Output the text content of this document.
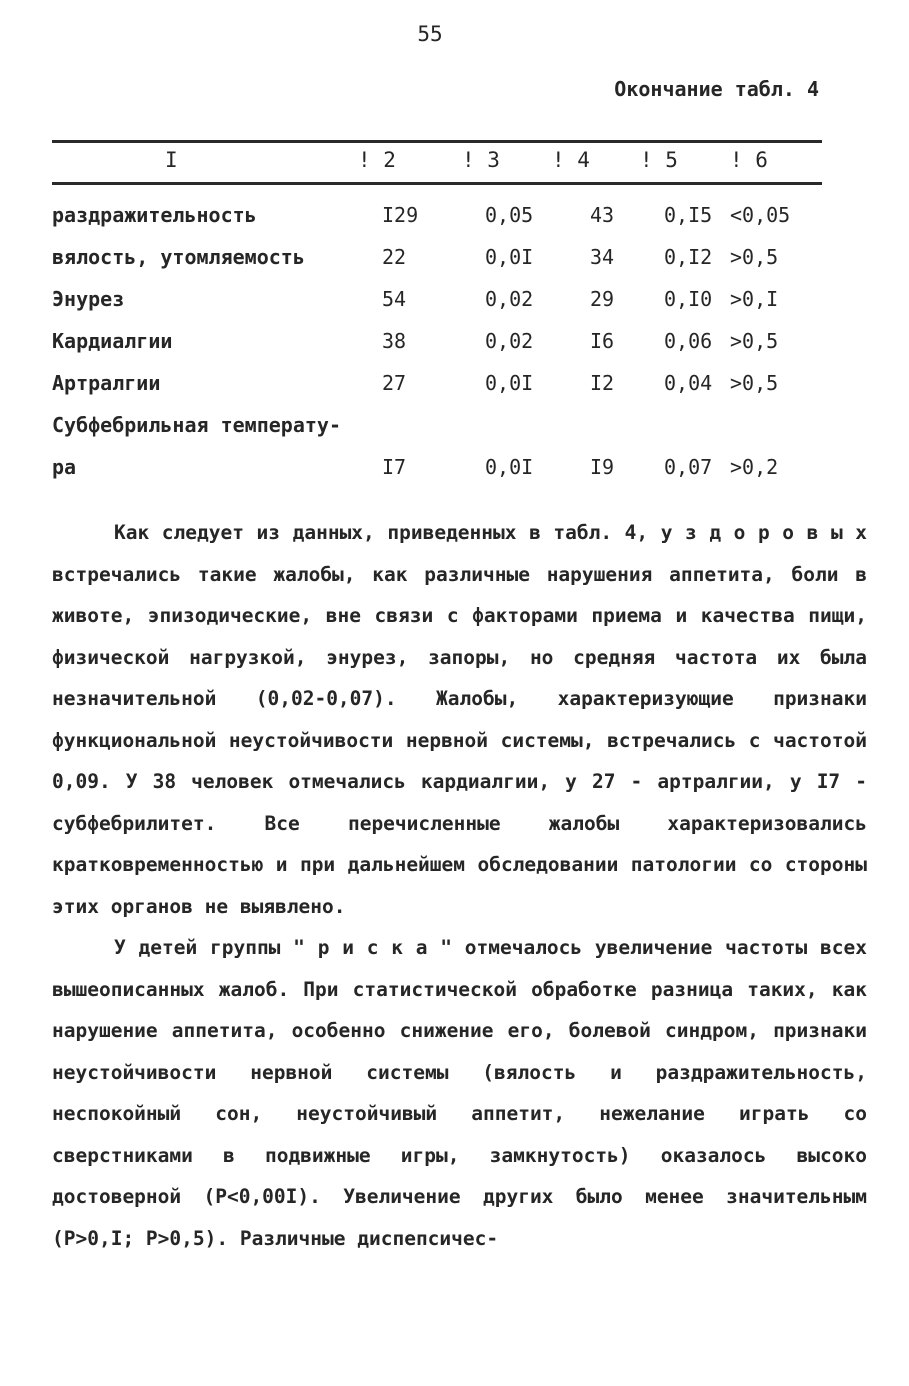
55
Окончание табл. 4
I	! 2	! 3 ! 4 ! 5 ! 6
раздражительность	I29	0,05	43 0,I5 <0,05
вялость, утомляемость	22	0,0I	34 0,I2 >0,5
Энурез	54	0,02	29 0,I0 >0,I
Кардиалгии	38	0,02	I6 0,06 >0,5
Артралгии	27	0,0I	I2 0,04 >0,5
Субфебрильная температу-
ра	I7	0,0I	I9 0,07 >0,2

Как следует из данных, приведенных в табл. 4, у з д о р о в ы х встречались такие жалобы, как различные нарушения аппетита, боли в животе, эпизодические, вне связи с факторами приема и качества пищи, физической нагрузкой, энурез, запоры, но средняя частота их была незначительной (0,02-0,07). Жалобы, характеризующие признаки функциональной неустойчивости нервной системы, встречались с частотой 0,09. У 38 человек отмечались кардиалгии, у 27 - артралгии, у I7 - субфебрилитет. Все перечисленные жалобы характеризовались кратковременностью и при дальнейшем обследовании патологии со стороны этих органов не выявлено.

У детей группы " р и с к а " отмечалось увеличение частоты всех вышеописанных жалоб. При статистической обработке разница таких, как нарушение аппетита, особенно снижение его, болевой синдром, признаки неустойчивости нервной системы (вялость и раздражительность, неспокойный сон, неустойчивый аппетит, нежелание играть со сверстниками в подвижные игры, замкнутость) оказалось высоко достоверной (P<0,00I). Увеличение других было менее значительным (P>0,I; P>0,5). Различные диспепсичес-
